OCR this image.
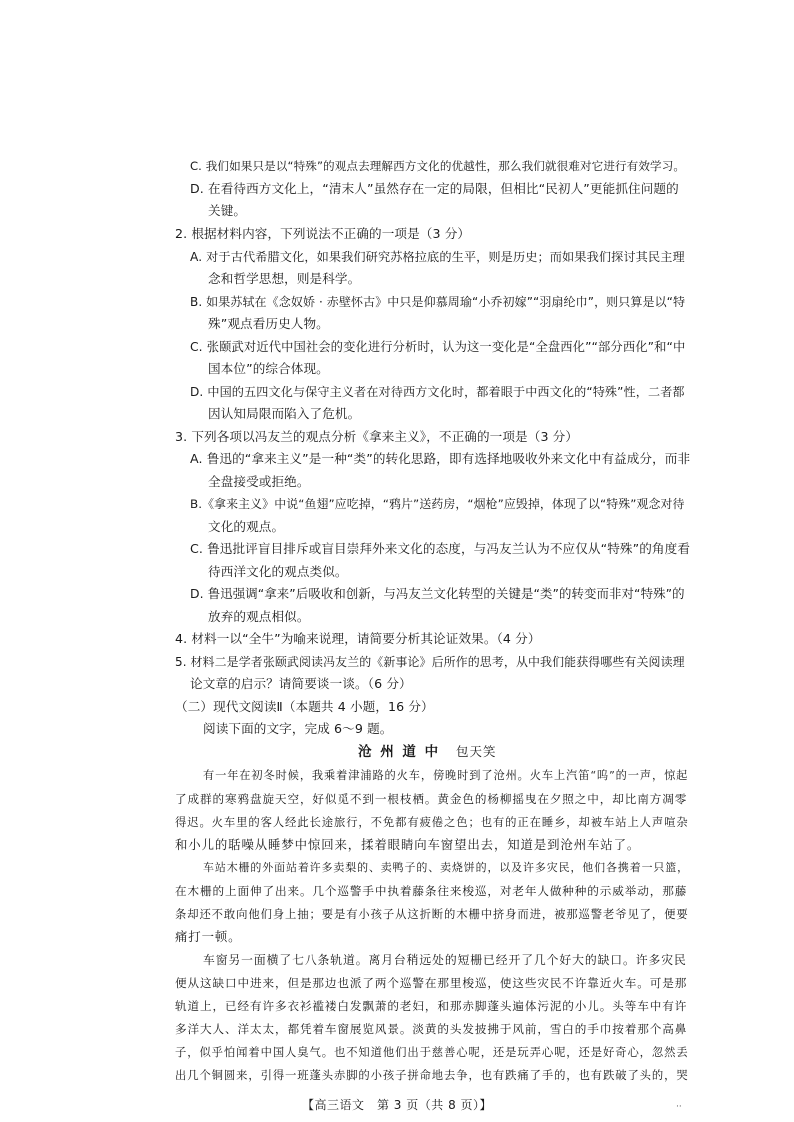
C. 我们如果只是以“特殊”的观点去理解西方文化的优越性，那么我们就很难对它进行有效学习。
D. 在看待西方文化上，“清末人”虽然存在一定的局限，但相比“民初人”更能抓住问题的
关键。
2. 根据材料内容，下列说法不正确的一项是（3 分）
A. 对于古代希腊文化，如果我们研究苏格拉底的生平，则是历史；而如果我们探讨其民主理
念和哲学思想，则是科学。
B. 如果苏轼在《念奴娇 · 赤壁怀古》中只是仰慕周瑜“小乔初嫁”“羽扇纶巾”，则只算是以“特
殊”观点看历史人物。
C. 张颐武对近代中国社会的变化进行分析时，认为这一变化是“全盘西化”“部分西化”和“中
国本位”的综合体现。
D. 中国的五四文化与保守主义者在对待西方文化时，都着眼于中西文化的“特殊”性，二者都
因认知局限而陷入了危机。
3. 下列各项以冯友兰的观点分析《拿来主义》，不正确的一项是（3 分）
A. 鲁迅的“拿来主义”是一种“类”的转化思路，即有选择地吸收外来文化中有益成分，而非
全盘接受或拒绝。
B.《拿来主义》中说“鱼翅”应吃掉，“鸦片”送药房，“烟枪”应毁掉，体现了以“特殊”观念对待
文化的观点。
C. 鲁迅批评盲目排斥或盲目崇拜外来文化的态度，与冯友兰认为不应仅从“特殊”的角度看
待西洋文化的观点类似。
D. 鲁迅强调“拿来”后吸收和创新，与冯友兰文化转型的关键是“类”的转变而非对“特殊”的
放弃的观点相似。
4. 材料一以“全牛”为喻来说理，请简要分析其论证效果。（4 分）
5. 材料二是学者张颐武阅读冯友兰的《新事论》后所作的思考，从中我们能获得哪些有关阅读理
论文章的启示？请简要谈一谈。（6 分）
（二）现代文阅读Ⅱ（本题共 4 小题，16 分）
阅读下面的文字，完成 6～9 题。
沧 州 道 中 包天笑
有一年在初冬时候，我乘着津浦路的火车，傍晚时到了沧州。火车上汽笛“呜”的一声，惊起
了成群的寒鸦盘旋天空，好似觅不到一根枝栖。黄金色的杨柳摇曳在夕照之中，却比南方凋零
得迟。火车里的客人经此长途旅行，不免都有疲倦之色；也有的正在睡乡，却被车站上人声喧杂
和小儿的聒噪从睡梦中惊回来，揉着眼睛向车窗望出去，知道是到沧州车站了。
车站木栅的外面站着许多卖梨的、卖鸭子的、卖烧饼的，以及许多灾民，他们各携着一只篮，
在木栅的上面伸了出来。几个巡警手中执着藤条往来梭巡，对老年人做种种的示威举动，那藤
条却还不敢向他们身上抽；要是有小孩子从这折断的木栅中挤身而进，被那巡警老爷见了，便要
痛打一顿。
车窗另一面横了七八条轨道。离月台稍远处的短栅已经开了几个好大的缺口。许多灾民
便从这缺口中进来，但是那边也派了两个巡警在那里梭巡，使这些灾民不许靠近火车。可是那
轨道上，已经有许多衣衫褴褛白发飘萧的老妇，和那赤脚蓬头遍体污泥的小儿。头等车中有许
多洋大人、洋太太，都凭着车窗展览风景。淡黄的头发披拂于风前，雪白的手巾按着那个高鼻
子，似乎怕闻着中国人臭气。也不知道他们出于慈善心呢，还是玩弄心呢，还是好奇心，忽然丢
出几个铜圆来，引得一班蓬头赤脚的小孩子拼命地去争，也有跌痛了手的，也有跌破了头的，哭
【高三语文　第 3 页（共 8 页）】	··
